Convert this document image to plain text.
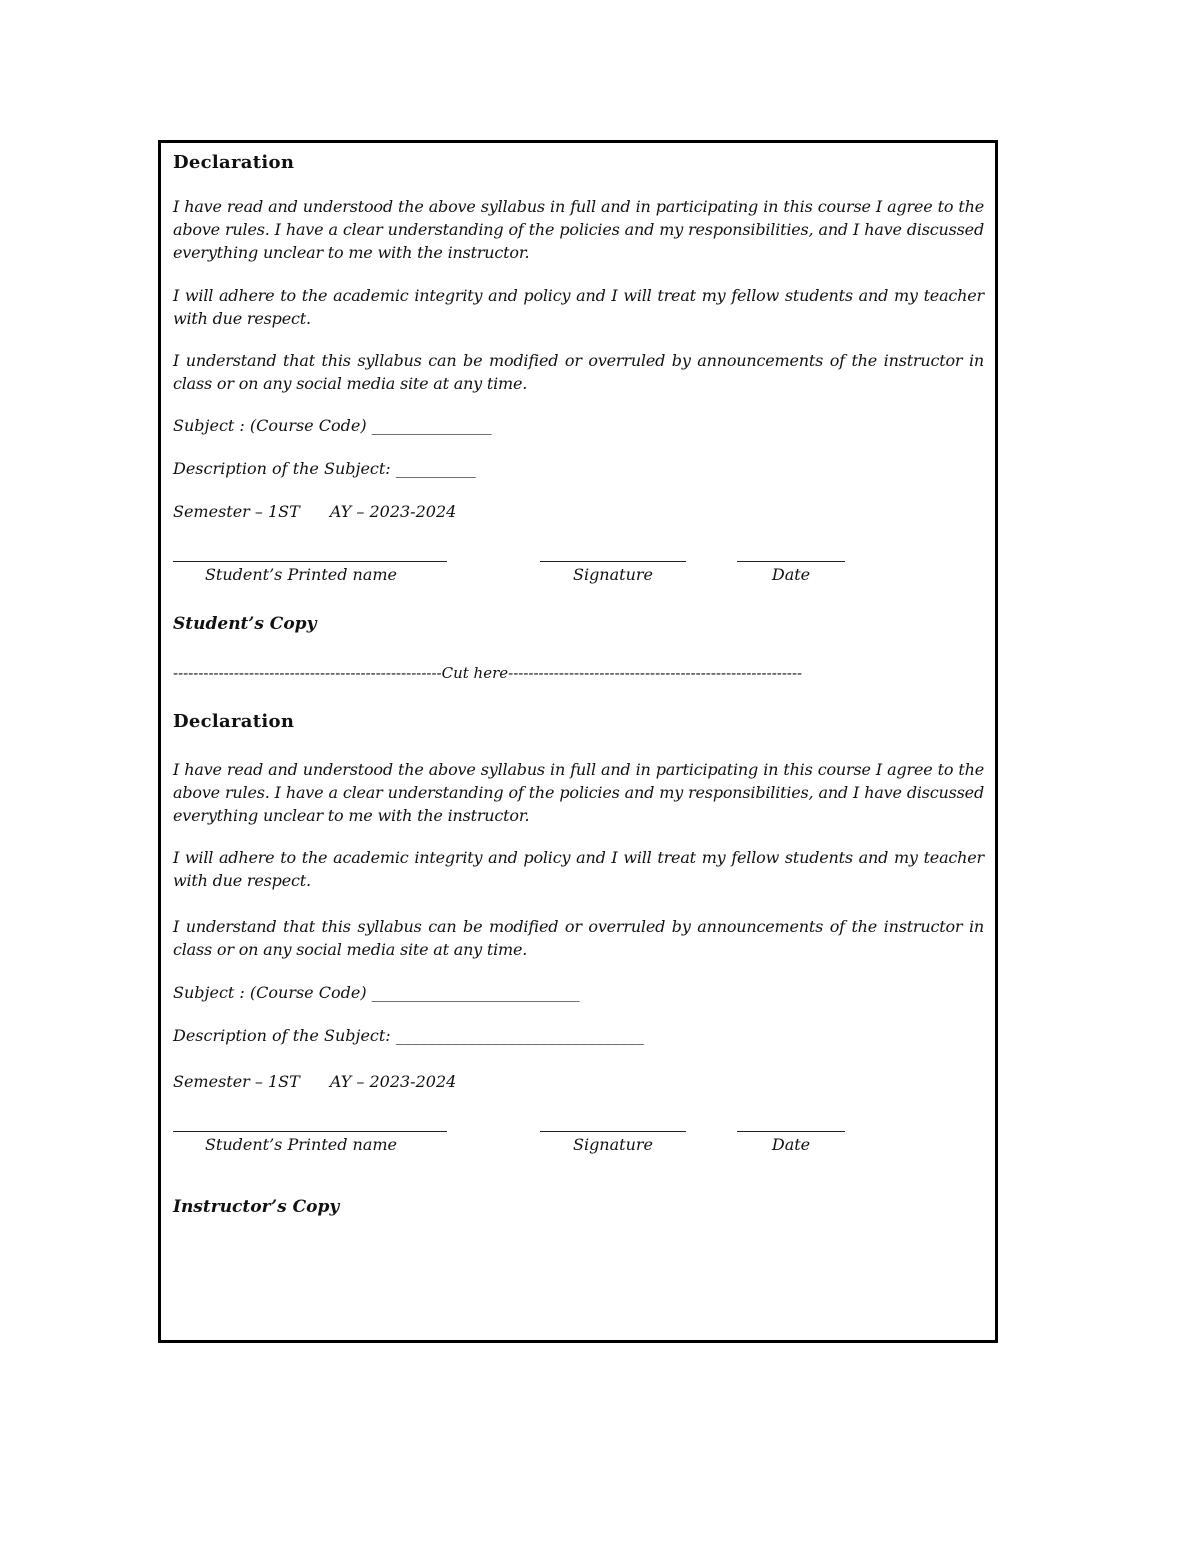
Declaration
I have read and understood the above syllabus in full and in participating in this course I agree to the above rules. I have a clear understanding of the policies and my responsibilities, and I have discussed everything unclear to me with the instructor.
I will adhere to the academic integrity and policy and I will treat my fellow students and my teacher with due respect.
I understand that this syllabus can be modified or overruled by announcements of the instructor in class or on any social media site at any time.
Subject : (Course Code) _______________
Description of the Subject: __________
Semester – 1ST AY – 2023-2024
Student’s Printed name	Signature	Date
Student’s Copy
-----------------------------------------------------Cut here----------------------------------------------------------
Declaration
I have read and understood the above syllabus in full and in participating in this course I agree to the above rules. I have a clear understanding of the policies and my responsibilities, and I have discussed everything unclear to me with the instructor.
I will adhere to the academic integrity and policy and I will treat my fellow students and my teacher with due respect.
I understand that this syllabus can be modified or overruled by announcements of the instructor in class or on any social media site at any time.
Subject : (Course Code) __________________________
Description of the Subject: _______________________________
Semester – 1ST AY – 2023-2024
Student’s Printed name	Signature	Date
Instructor’s Copy
